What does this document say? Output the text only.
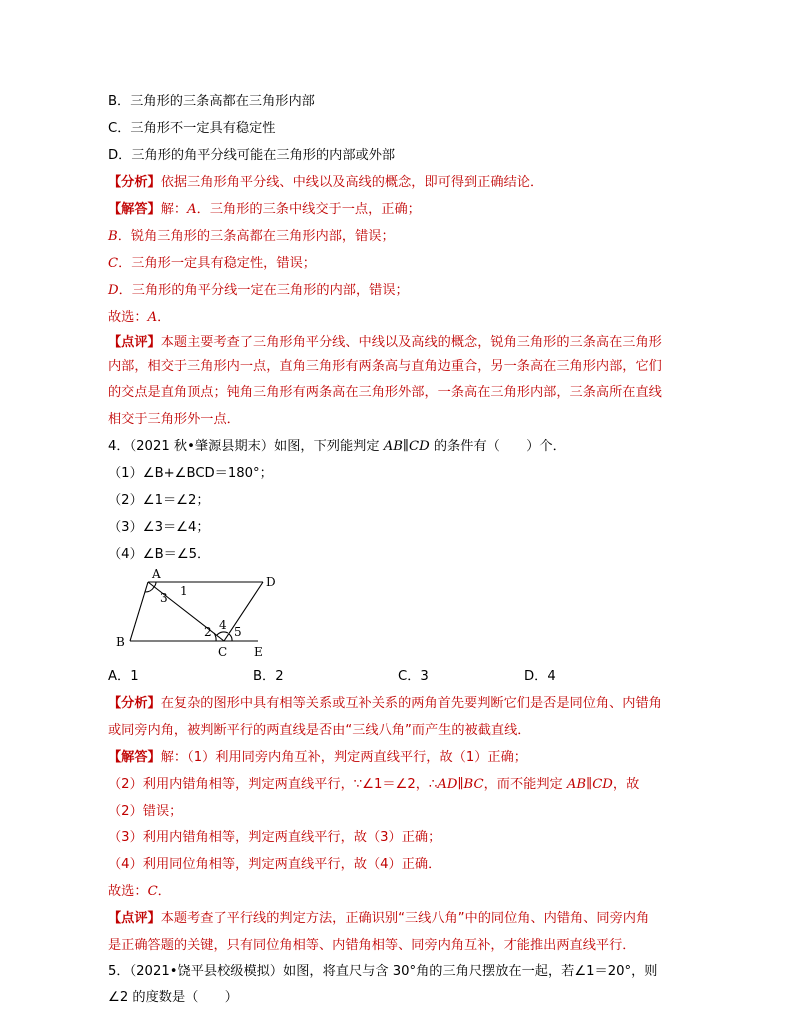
B．三角形的三条高都在三角形内部
C．三角形不一定具有稳定性
D．三角形的角平分线可能在三角形的内部或外部
【分析】依据三角形角平分线、中线以及高线的概念，即可得到正确结论．
【解答】解：A．三角形的三条中线交于一点，正确；
B．锐角三角形的三条高都在三角形内部，错误；
C．三角形一定具有稳定性，错误；
D．三角形的角平分线一定在三角形的内部，错误；
故选：A．
【点评】本题主要考查了三角形角平分线、中线以及高线的概念，锐角三角形的三条高在三角形
内部，相交于三角形内一点，直角三角形有两条高与直角边重合，另一条高在三角形内部，它们
的交点是直角顶点；钝角三角形有两条高在三角形外部，一条高在三角形内部，三条高所在直线
相交于三角形外一点．
4．（2021 秋•肇源县期末）如图，下列能判定 AB∥CD 的条件有（　　）个．
（1）∠B+∠BCD＝180°；
（2）∠1＝∠2；
（3）∠3＝∠4；
（4）∠B＝∠5．
A
B
C
D
E
1
2
3
4 5
A．1	B．2	C．3	D．4
【分析】在复杂的图形中具有相等关系或互补关系的两角首先要判断它们是否是同位角、内错角
或同旁内角，被判断平行的两直线是否由“三线八角”而产生的被截直线．
【解答】解：（1）利用同旁内角互补，判定两直线平行，故（1）正确；
（2）利用内错角相等，判定两直线平行，∵∠1＝∠2，∴AD∥BC，而不能判定 AB∥CD，故
（2）错误；
（3）利用内错角相等，判定两直线平行，故（3）正确；
（4）利用同位角相等，判定两直线平行，故（4）正确．
故选：C．
【点评】本题考查了平行线的判定方法，正确识别“三线八角”中的同位角、内错角、同旁内角
是正确答题的关键，只有同位角相等、内错角相等、同旁内角互补，才能推出两直线平行．
5．（2021•饶平县校级模拟）如图，将直尺与含 30°角的三角尺摆放在一起，若∠1＝20°，则
∠2 的度数是（　　）
